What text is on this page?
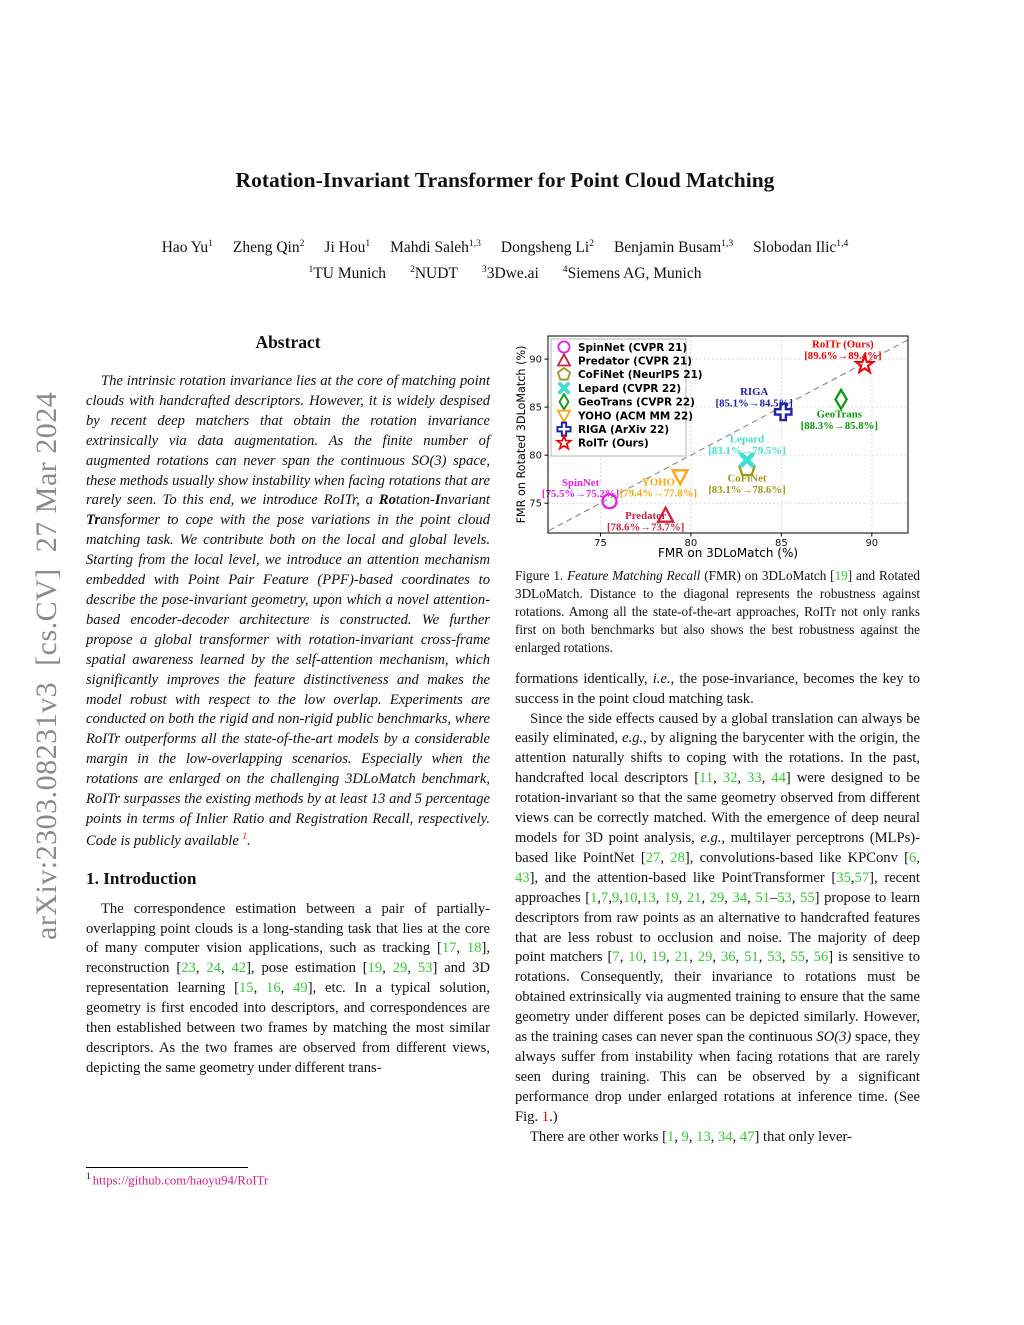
arXiv:2303.08231v3  [cs.CV]  27 Mar 2024
Rotation-Invariant Transformer for Point Cloud Matching
Hao Yu$^1$ Zheng Qin$^2$ Ji Hou$^1$ Mahdi Saleh$^{1,3}$ Dongsheng Li$^2$ Benjamin Busam$^{1,3}$ Slobodan Ilic$^{1,4}$
$^1$TU Munich $^2$NUDT $^3$3Dwe.ai $^4$Siemens AG, Munich
Abstract

The intrinsic rotation invariance lies at the core of matching point clouds with handcrafted descriptors. However, it is widely despised by recent deep matchers that obtain the rotation invariance extrinsically via data augmentation. As the finite number of augmented rotations can never span the continuous SO(3) space, these methods usually show instability when facing rotations that are rarely seen. To this end, we introduce RoITr, a Rotation-Invariant Transformer to cope with the pose variations in the point cloud matching task. We contribute both on the local and global levels. Starting from the local level, we introduce an attention mechanism embedded with Point Pair Feature (PPF)-based coordinates to describe the pose-invariant geometry, upon which a novel attention-based encoder-decoder architecture is constructed. We further propose a global transformer with rotation-invariant cross-frame spatial awareness learned by the self-attention mechanism, which significantly improves the feature distinctiveness and makes the model robust with respect to the low overlap. Experiments are conducted on both the rigid and non-rigid public benchmarks, where RoITr outperforms all the state-of-the-art models by a considerable margin in the low-overlapping scenarios. Especially when the rotations are enlarged on the challenging 3DLoMatch benchmark, RoITr surpasses the existing methods by at least 13 and 5 percentage points in terms of Inlier Ratio and Registration Recall, respectively. Code is publicly available $^1$.

1. Introduction

The correspondence estimation between a pair of partially-overlapping point clouds is a long-standing task that lies at the core of many computer vision applications, such as tracking [17, 18], reconstruction [23, 24, 42], pose estimation [19, 29, 53] and 3D representation learning [15, 16, 49], etc. In a typical solution, geometry is first encoded into descriptors, and correspondences are then established between two frames by matching the most similar descriptors. As the two frames are observed from different views, depicting the same geometry under different trans-

$^1$ https://github.com/haoyu94/RoITr
75	80	85	90
75
80
85
90
SpinNet [75.5%→75.2%]
Predator [78.6%→73.7%]
CoFiNet [83.1%→78.6%]
Lepard [83.1%→79.5%]
GeoTrans [88.3%→85.8%]
YOHO [79.4%→77.8%]
RIGA [85.1%→84.5%]
RoITr (Ours) [89.6%→89.4%]
FMR on 3DLoMatch (%)
FMR on Rotated 3DLoMatch (%)	SpinNet (CVPR 21)
Predator (CVPR 21)
CoFiNet (NeurIPS 21)
Lepard (CVPR 22)
GeoTrans (CVPR 22)
YOHO (ACM MM 22)
RIGA (ArXiv 22)
RoITr (Ours)

Figure 1. Feature Matching Recall (FMR) on 3DLoMatch [19] and Rotated 3DLoMatch. Distance to the diagonal represents the robustness against rotations. Among all the state-of-the-art approaches, RoITr not only ranks first on both benchmarks but also shows the best robustness against the enlarged rotations.

formations identically, i.e., the pose-invariance, becomes the key to success in the point cloud matching task.

Since the side effects caused by a global translation can always be easily eliminated, e.g., by aligning the barycenter with the origin, the attention naturally shifts to coping with the rotations. In the past, handcrafted local descriptors [11, 32, 33, 44] were designed to be rotation-invariant so that the same geometry observed from different views can be correctly matched. With the emergence of deep neural models for 3D point analysis, e.g., multilayer perceptrons (MLPs)-based like PointNet [27, 28], convolutions-based like KPConv [6, 43], and the attention-based like PointTransformer [35,57], recent approaches [1,7,9,10,13, 19, 21, 29, 34, 51–53, 55] propose to learn descriptors from raw points as an alternative to handcrafted features that are less robust to occlusion and noise. The majority of deep point matchers [7, 10, 19, 21, 29, 36, 51, 53, 55, 56] is sensitive to rotations. Consequently, their invariance to rotations must be obtained extrinsically via augmented training to ensure that the same geometry under different poses can be depicted similarly. However, as the training cases can never span the continuous SO(3) space, they always suffer from instability when facing rotations that are rarely seen during training. This can be observed by a significant performance drop under enlarged rotations at inference time. (See Fig. 1.)

There are other works [1, 9, 13, 34, 47] that only lever-
